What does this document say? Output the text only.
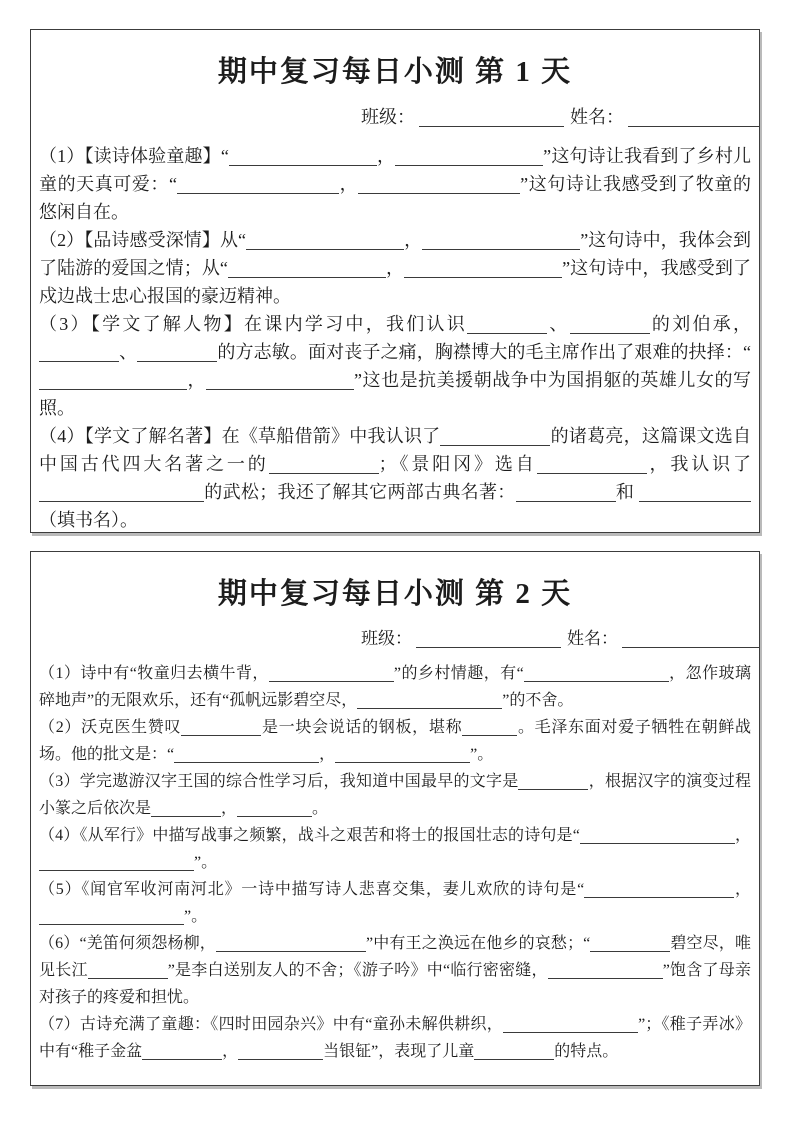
期中复习每日小测 第 1 天
班级：	姓名：

（1）【读诗体验童趣】“	，	”这句诗让我看到了乡村儿童的天真可爱：“	，	”这句诗让我感受到了牧童的悠闲自在。

（2）【品诗感受深情】从“	，	”这句诗中，我体会到了陆游的爱国之情；从“	，	”这句诗中，我感受到了戍边战士忠心报国的豪迈精神。

（3）【学文了解人物】在课内学习中，我们认识	、	的刘伯承，、	的方志敏。面对丧子之痛，胸襟博大的毛主席作出了艰难的抉择：“，	”这也是抗美援朝战争中为国捐躯的英雄儿女的写照。

（4）【学文了解名著】在《草船借箭》中我认识了	的诸葛亮，这篇课文选自中国古代四大名著之一的	；《景阳冈》选自	，我认识了的武松；我还了解其它两部古典名著：	和 （填书名）。

期中复习每日小测 第 2 天
班级：	姓名：

（1）诗中有“牧童归去横牛背，	”的乡村情趣，有“	，忽作玻璃碎地声”的无限欢乐，还有“孤帆远影碧空尽，	”的不舍。

（2）沃克医生赞叹	是一块会说话的钢板，堪称	。毛泽东面对爱子牺牲在朝鲜战场。他的批文是：“	，	”。

（3）学完遨游汉字王国的综合性学习后，我知道中国最早的文字是	，根据汉字的演变过程小篆之后依次是	，	。

（4）《从军行》中描写战事之频繁，战斗之艰苦和将士的报国壮志的诗句是“	，”。

（5）《闻官军收河南河北》一诗中描写诗人悲喜交集，妻儿欢欣的诗句是“	，”。

（6）“羌笛何须怨杨柳，	”中有王之涣远在他乡的哀愁；“	碧空尽，唯见长江	”是李白送别友人的不舍；《游子吟》中“临行密密缝，	”饱含了母亲对孩子的疼爱和担忧。

（7）古诗充满了童趣：《四时田园杂兴》中有“童孙未解供耕织，	”；《稚子弄冰》中有“稚子金盆	，	当银钲”，表现了儿童	的特点。
